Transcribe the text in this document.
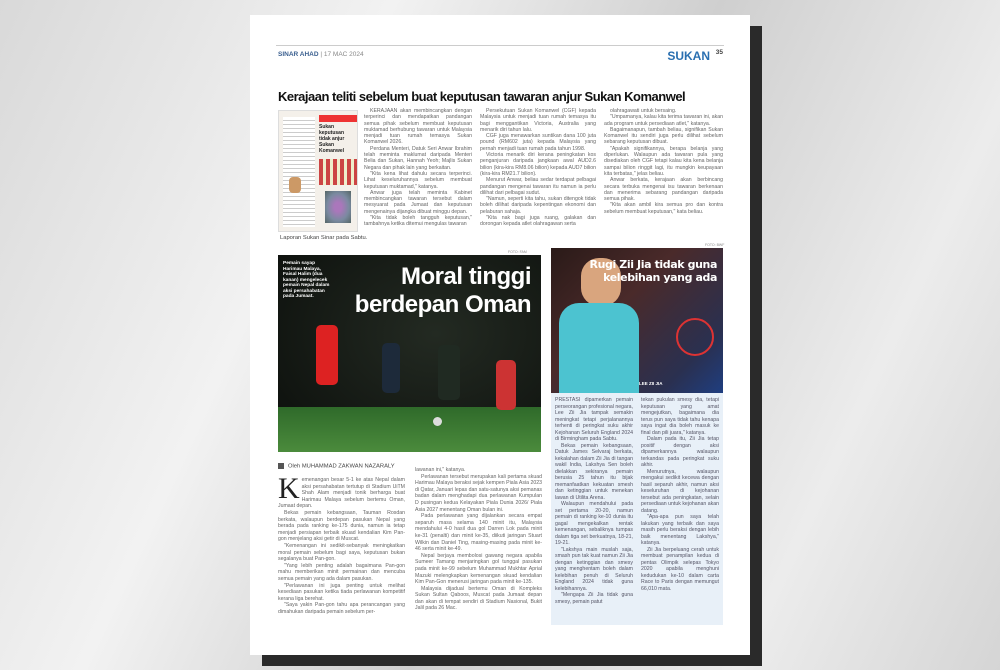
SINAR AHAD | 17 MAC 2024	SUKAN 35
Kerajaan teliti sebelum buat keputusan tawaran anjur Sukan Komanwel
Sukan keputusan tidak anjur Sukan Komanwel
Laporan Sukan Sinar pada Sabtu.

KERAJAAN akan membincangkan dengan terperinci dan mendapatkan pandangan semua pihak sebelum membuat keputusan muktamad berhubung tawaran untuk Malaysia menjadi tuan rumah temasya Sukan Komanwel 2026.

Perdana Menteri, Datuk Seri Anwar Ibrahim telah meminta maklumat daripada Menteri Belia dan Sukan, Hannah Yeoh; Majlis Sukan Negara dan pihak lain yang berkaitan.

"Kita kena lihat dahulu secara terperinci. Lihat keseluruhannya sebelum membuat keputusan muktamad," katanya.

Anwar juga telah meminta Kabinet membincangkan tawaran tersebut dalam mesyuarat pada Jumaat dan keputusan mengenainya dijangka dibuat minggu depan.

"Kita tidak boleh tangguh keputusan," tambahnya ketika ditemui mengulas tawaran

Persekutuan Sukan Komanwel (CGF) kepada Malaysia untuk menjadi tuan rumah temasya itu bagi menggantikan Victoria, Australia yang menarik diri tahun lalu.

CGF juga menawarkan suntikan dana 100 juta pound (RM602 juta) kepada Malaysia yang pernah menjadi tuan rumah pada tahun 1998.

Victoria menarik diri kerana peningkatan kos penganjuran daripada jangkaan awal AUD2.6 bilion (kira-kira RM8.06 bilion) kepada AUD7 bilion (kira-kira RM21.7 bilion).

Menurut Anwar, beliau sedar terdapat pelbagai pandangan mengenai tawaran itu namun ia perlu dilihat dari pelbagai sudut.

"Namun, seperti kita tahu, sukan ditengok tidak boleh dilihat daripada kepentingan ekonomi dan pelaburan sahaja.

"Kita nak bagi juga ruang, galakan dan dorongan kepada atlet olahragawan serta

olahragawati untuk bersaing.

"Umpamanya, kalau kita terima tawaran ini, akan ada program untuk persediaan atlet," katanya.

Bagaimanapun, tambah beliau, signifikan Sukan Komanwel itu sendiri juga perlu dilihat sebelum sebarang keputusan dibuat.

"Apakah signifikannya, berapa belanja yang diperlukan. Walaupun ada tawaran pula yang disediakan oleh CGF tetapi kalau kita kena belanja sampai bilion ringgit lagi, itu mungkin keupayaan kita terbatas," jelas beliau.

Anwar berkata, kerajaan akan berbincang secara terbuka mengenai isu tawaran berkenaan dan menerima sebarang pandangan daripada semua pihak.

"Kita akan ambil kira semua pro dan kontra sebelum membuat keputusan," kata beliau.

Pemain sayap Harimau Malaya, Faisal Halim (dua kanan) mengelecek pemain Nepal dalam aksi persahabatan pada Jumaat.
Moral tinggi
berdepan Oman
FOTO: FAM
Oleh MUHAMMAD ZAKWAN NAZARALY
K emenangan besar 5-1 ke atas Nepal dalam aksi persahabatan tertutup di Stadium UiTM Shah Alam menjadi tonik berharga buat Harimau Malaya sebelum bertemu Oman, Jumaat depan.

Bekas pemain kebangsaan, Tauman Rosdan berkata, walaupun berdepan pasukan Nepal yang berada pada ranking ke-175 dunia, namun ia tetap menjadi persiapan terbaik skuad kendalian Kim Pan-gon menjelang aksi getir di Muscat.

"Kemenangan ini sedikit-sebanyak meningkatkan moral pemain sebelum bagi saya, keputusan bukan segalanya buat Pan-gon.

"Yang lebih penting adalah bagaimana Pan-gon mahu memberikan minit permainan dan mencuba semua pemain yang ada dalam pasukan.

"Perlawanan ini juga penting untuk melihat kesediaan pasukan ketika tiada perlawanan kompetitif kerana liga berehat.

"Saya yakin Pan-gon tahu apa perancangan yang dimahukan daripada pemain sebelum per-

lawanan ini," katanya.

Perlawanan tersebut merupakan kali pertama skuad Harimau Malaya beraksi sejak kempen Piala Asia 2023 di Qatar, Januari lepas dan satu-satunya aksi pemanas badan dalam menghadapi dua perlawanan Kumpulan D pusingan kedua Kelayakan Piala Dunia 2026/ Piala Asia 2027 menentang Oman bulan ini.

Pada perlawanan yang dijalankan secara empat separuh masa selama 140 minit itu, Malaysia mendahului 4-0 hasil dua gol Darren Lok pada minit ke-31 (penalti) dan minit ke-35, diikuti jaringan Stuart Wilkin dan Daniel Ting, masing-masing pada minit ke-46 serta minit ke-49.

Nepal berjaya membolosi gawang negara apabila Sumeer Tamang menjaringkan gol tunggal pasukan pada minit ke-99 sebelum Muhammad Mukhtar Aprial Mazuki melengkapkan kemenangan skuad kendalian Kim Pan-Gon menerusi jaringan pada minit ke-135.

Malaysia dijadual bertemu Oman di Kompleks Sukan Sultan Qaboos, Muscat pada Jumaat depan dan akan di tempat sendiri di Stadium Nasional, Bukit Jalil pada 26 Mac.

FOTO: BWF
Rugi Zii Jia tidak guna
kelebihan yang ada
LEE ZII JIA

PRESTASI dipamerkan pemain perseorangan profesional negara, Lee Zii Jia tampak semakin meningkat tetapi perjalanannya terhenti di peringkat suku akhir Kejohanan Seluruh England 2024 di Birmingham pada Sabtu.

Bekas pemain kebangsaan, Datuk James Selvaraj berkata, kekalahan dalam Zii Jia di tangan wakil India, Lakshya Sen boleh dielakkan sekiranya pemain berusia 25 tahun itu bijak memanfaatkan kekuatan smesh dan ketinggian untuk menekan lawan di Utilita Arena.

Walaupun mendahului pada set pertama 20-20, namun pemain di ranking ke-10 dunia itu gagal mengekalkan rentak kemenangan, sebaliknya tumpas dalam tiga set berkuatnya, 18-21, 19-21.

"Lakshya main muslah saja, smash pun tak kuat namun Zii Jia dengan ketinggian dan smesy yang menghentam boleh dalam kelebihan penuh di Seluruh England 2024 tidak guna kelebihannya.

"Mengapa Zii Jia tidak guna smesy, pemain patut

tekan pukulan smesy dia, tetapi keputusan yang amat mengejutkan, bagaimana dia terus pun saya tidak tahu kenapa saya ingat dia boleh masuk ke final dan pili juara," katanya.

Dalam pada itu, Zii Jia tetap positif dengan aksi dipamerkannya walaupun terkandas pada peringkat suku akhir.

Menurutnya, walaupun mengakui sedikit kecewa dengan hasil separuh akhir, namun aksi keseluruhan di kejohanan tersebut ada peningkatan, selain persediaan untuk kejohanan akan datang.

"Apa-apa pun saya telah lakukan yang terbaik dan saya masih perlu beraksi dengan lebih baik menentang Lakshya," katanya.

Zii Jia berpeluang cerah untuk membuat penampilan kedua di pentas Olimpik selepas Tokyo 2020 apabila menghuni kedudukan ke-10 dalam carta Race to Paris dengan memungut 66,010 mata.
